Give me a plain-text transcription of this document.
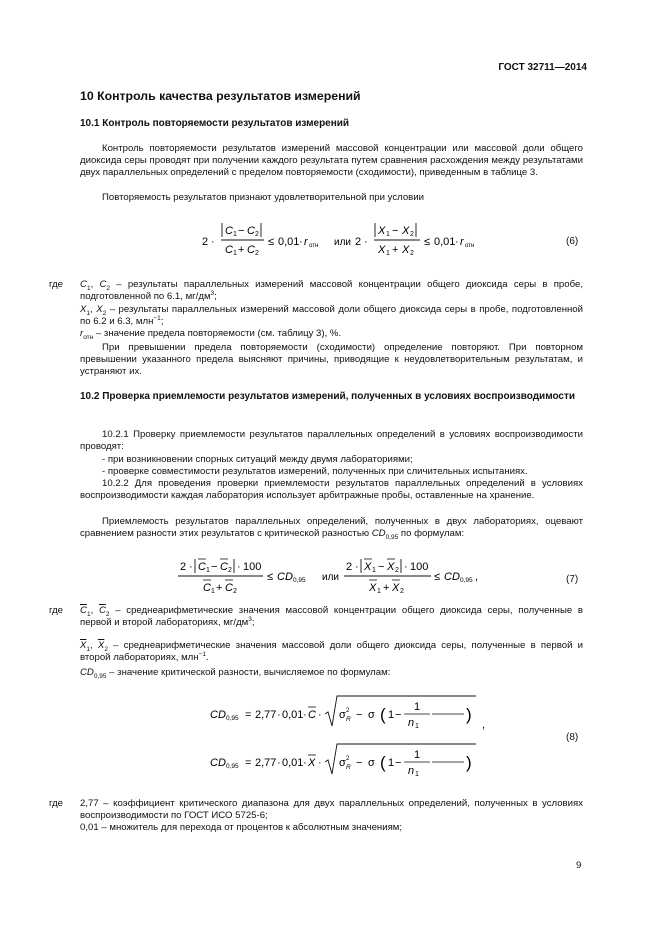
ГОСТ 32711—2014
10 Контроль качества результатов измерений
10.1 Контроль повторяемости результатов измерений
Контроль повторяемости результатов измерений массовой концентрации или массовой доли общего диоксида серы проводят при получении каждого результата путем сравнения расхождения между результатами двух параллельных определений с пределом повторяемости (сходимости), приведенным в таблице 3.
Повторяемость результатов признают удовлетворительной при условии
2 ·
C 1 − C 2
C 1 + C 2
≤ 0,01 · r отн или 2 ·
X 1 − X 2
X 1 + X 2
≤ 0,01 · r отн	(6)
где $C_1$, $C_2$ – результаты параллельных измерений массовой концентрации общего диоксида серы в пробе, подготовленной по 6.1, $мг/дм^3$;
$X_1$, $X_2$ – результаты параллельных измерений массовой доли общего диоксида серы в пробе, подготовленной по 6.2 и 6.3, млн$^{-1}$;
$r_{отн}$ – значение предела повторяемости (см. таблицу 3), %.
При превышении предела повторяемости (сходимости) определение повторяют. При повторном превышении указанного предела выясняют причины, приводящие к неудовлетворительным результатам, и устраняют их.
10.2 Проверка приемлемости результатов измерений, полученных в условиях воспроизводимости
10.2.1 Проверку приемлемости результатов параллельных определений в условиях воспроизводимости проводят:
- при возникновении спорных ситуаций между двумя лабораториями;
- проверке совместимости результатов измерений, полученных при сличительных испытаниях.
10.2.2 Для проведения проверки приемлемости результатов параллельных определений в условиях воспроизводимости каждая лаборатория использует арбитражные пробы, оставленные на хранение.
Приемлемость результатов параллельных определений, полученных в двух лабораториях, оцевают сравнением разности этих результатов с критической разностью $CD_{0,95}$ по формулам:
2 · C 1 − C 2 · 100
C 1 + C 2
≤ CD 0,95 или
2 · X 1 − X 2 · 100
X 1 + X 2
≤ CD 0,95 ,	(7)
где $\overline{C}_1$, $\overline{C}_2$ – среднеарифметические значения массовой концентрации общего диоксида серы, полученные в первой и второй лабораториях, $мг/дм^3$;
$\overline{X}_1$, $\overline{X}_2$ – среднеарифметические значения массовой доли общего диоксида серы, полученные в первой и второй лабораториях, млн$^{-1}$.
$CD_{0,95}$ – значение критической разности, вычисляемое по формулам:
CD 0,95 = 2,77 · 0,01 · C · σ 2
R − σ ( 1 −
1
n 1
)
,
CD 0,95 = 2,77 · 0,01 · X · σ 2
R − σ ( 1 −
1
n 1
)
(8)
где 2,77 – коэффициент критического диапазона для двух параллельных определений, полученных в условиях воспроизводимости по ГОСТ ИСО 5725-6;
0,01 – множитель для перехода от процентов к абсолютным значениям;
9
